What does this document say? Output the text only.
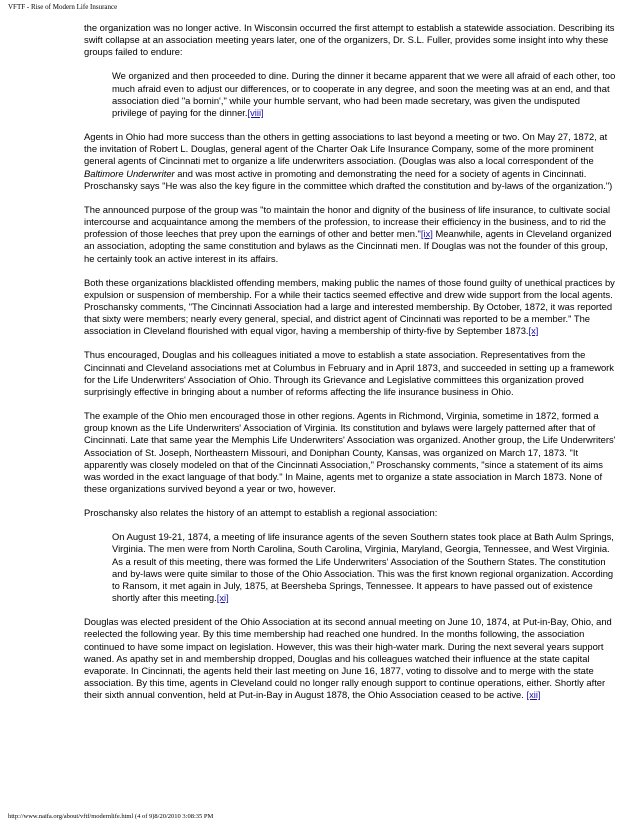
VFTF - Rise of Modern Life Insurance

the organization was no longer active. In Wisconsin occurred the first attempt to establish a statewide association. Describing its swift collapse at an association meeting years later, one of the organizers, Dr. S.L. Fuller, provides some insight into why these groups failed to endure:

We organized and then proceeded to dine. During the dinner it became apparent that we were all afraid of each other, too much afraid even to adjust our differences, or to cooperate in any degree, and soon the meeting was at an end, and that association died "a bornin'," while your humble servant, who had been made secretary, was given the undisputed privilege of paying for the dinner.[viii]

Agents in Ohio had more success than the others in getting associations to last beyond a meeting or two. On May 27, 1872, at the invitation of Robert L. Douglas, general agent of the Charter Oak Life Insurance Company, some of the more prominent general agents of Cincinnati met to organize a life underwriters association. (Douglas was also a local correspondent of the Baltimore Underwriter and was most active in promoting and demonstrating the need for a society of agents in Cincinnati. Proschansky says "He was also the key figure in the committee which drafted the constitution and by-laws of the organization.")

The announced purpose of the group was "to maintain the honor and dignity of the business of life insurance, to cultivate social intercourse and acquaintance among the members of the profession, to increase their efficiency in the business, and to rid the profession of those leeches that prey upon the earnings of other and better men."[ix] Meanwhile, agents in Cleveland organized an association, adopting the same constitution and bylaws as the Cincinnati men. If Douglas was not the founder of this group, he certainly took an active interest in its affairs.

Both these organizations blacklisted offending members, making public the names of those found guilty of unethical practices by expulsion or suspension of membership. For a while their tactics seemed effective and drew wide support from the local agents. Proschansky comments, "The Cincinnati Association had a large and interested membership. By October, 1872, it was reported that sixty were members; nearly every general, special, and district agent of Cincinnati was reported to be a member." The association in Cleveland flourished with equal vigor, having a membership of thirty-five by September 1873.[x]

Thus encouraged, Douglas and his colleagues initiated a move to establish a state association. Representatives from the Cincinnati and Cleveland associations met at Columbus in February and in April 1873, and succeeded in setting up a framework for the Life Underwriters' Association of Ohio. Through its Grievance and Legislative committees this organization proved surprisingly effective in bringing about a number of reforms affecting the life insurance business in Ohio.

The example of the Ohio men encouraged those in other regions. Agents in Richmond, Virginia, sometime in 1872, formed a group known as the Life Underwriters' Association of Virginia. Its constitution and bylaws were largely patterned after that of Cincinnati. Late that same year the Memphis Life Underwriters' Association was organized. Another group, the Life Underwriters' Association of St. Joseph, Northeastern Missouri, and Doniphan County, Kansas, was organized on March 17, 1873. "It apparently was closely modeled on that of the Cincinnati Association," Proschansky comments, "since a statement of its aims was worded in the exact language of that body." In Maine, agents met to organize a state association in March 1873. None of these organizations survived beyond a year or two, however.

Proschansky also relates the history of an attempt to establish a regional association:

On August 19-21, 1874, a meeting of life insurance agents of the seven Southern states took place at Bath Aulm Springs, Virginia. The men were from North Carolina, South Carolina, Virginia, Maryland, Georgia, Tennessee, and West Virginia. As a result of this meeting, there was formed the Life Underwriters' Association of the Southern States. The constitution and by-laws were quite similar to those of the Ohio Association. This was the first known regional organization. According to Ransom, it met again in July, 1875, at Beersheba Springs, Tennessee. It appears to have passed out of existence shortly after this meeting.[xi]

Douglas was elected president of the Ohio Association at its second annual meeting on June 10, 1874, at Put-in-Bay, Ohio, and reelected the following year. By this time membership had reached one hundred. In the months following, the association continued to have some impact on legislation. However, this was their high-water mark. During the next several years support waned. As apathy set in and membership dropped, Douglas and his colleagues watched their influence at the state capital evaporate. In Cincinnati, the agents held their last meeting on June 16, 1877, voting to dissolve and to merge with the state association. By this time, agents in Cleveland could no longer rally enough support to continue operations, either. Shortly after their sixth annual convention, held at Put-in-Bay in August 1878, the Ohio Association ceased to be active. [xii]

http://www.naifa.org/about/vftf/modernlife.html (4 of 9)8/20/2010 3:08:35 PM
